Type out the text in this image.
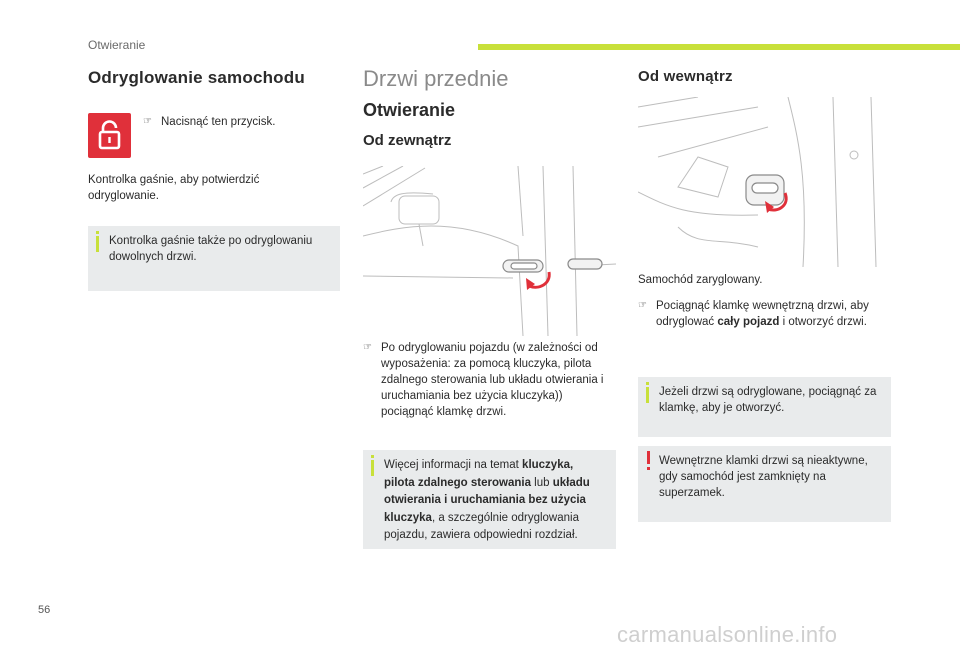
Otwieranie
Odryglowanie samochodu
☞ Nacisnąć ten przycisk.
Kontrolka gaśnie, aby potwierdzić odryglowanie.
Kontrolka gaśnie także po odryglowaniu dowolnych drzwi.
Drzwi przednie
Otwieranie
Od zewnątrz
☞ Po odryglowaniu pojazdu (w zależności od wyposażenia: za pomocą kluczyka, pilota zdalnego sterowania lub układu otwierania i uruchamiania bez użycia kluczyka)) pociągnąć klamkę drzwi.
Więcej informacji na temat kluczyka, pilota zdalnego sterowania lub układu otwierania i uruchamiania bez użycia kluczyka, a szczególnie odryglowania pojazdu, zawiera odpowiedni rozdział.
Od wewnątrz
Samochód zaryglowany.
☞ Pociągnąć klamkę wewnętrzną drzwi, aby odryglować cały pojazd i otworzyć drzwi.
Jeżeli drzwi są odryglowane, pociągnąć za klamkę, aby je otworzyć.
Wewnętrzne klamki drzwi są nieaktywne, gdy samochód jest zamknięty na superzamek.
56
carmanualsonline.info
